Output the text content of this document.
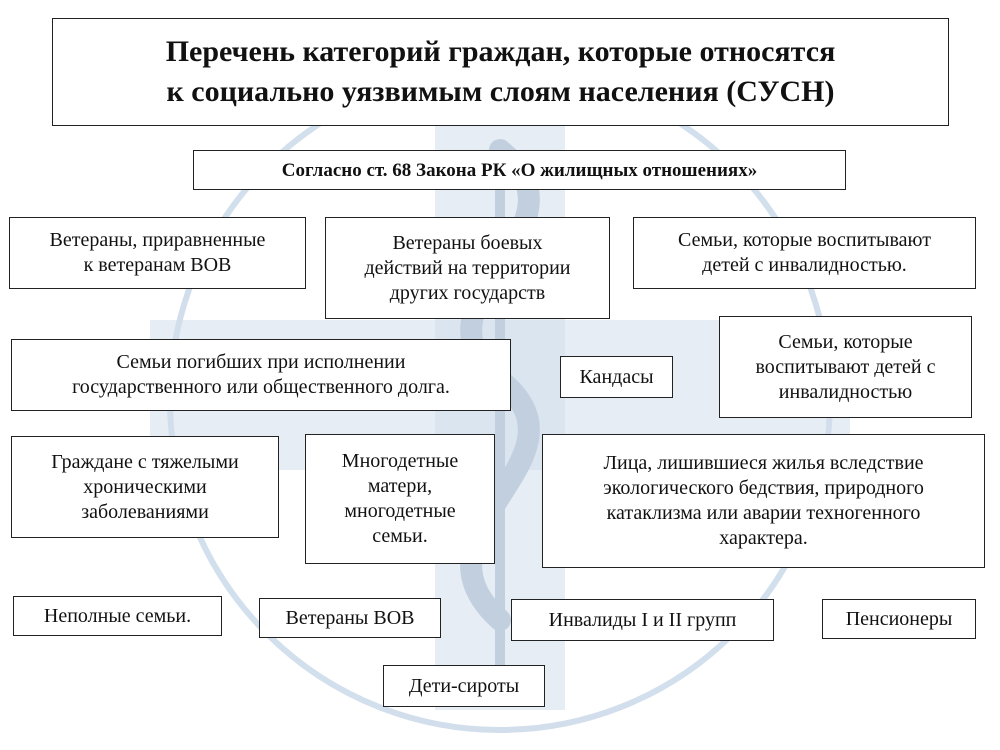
Перечень категорий граждан, которые относятся
к социально уязвимым слоям населения (СУСН)
Согласно ст. 68 Закона РК «О жилищных отношениях»
Ветераны, приравненные
к ветеранам ВОВ
Ветераны боевых
действий на территории
других государств
Семьи, которые воспитывают
детей с инвалидностью.
Семьи погибших при исполнении
государственного или общественного долга.	Кандасы
Семьи, которые
воспитывают детей с
инвалидностью
Граждане с тяжелыми
хроническими
заболеваниями
Многодетные
матери,
многодетные
семьи.
Лица, лишившиеся жилья вследствие
экологического бедствия, природного
катаклизма или аварии техногенного
характера.
Неполные семьи.	Ветераны ВОВ	Инвалиды I и II групп	Пенсионеры
Дети-сироты
